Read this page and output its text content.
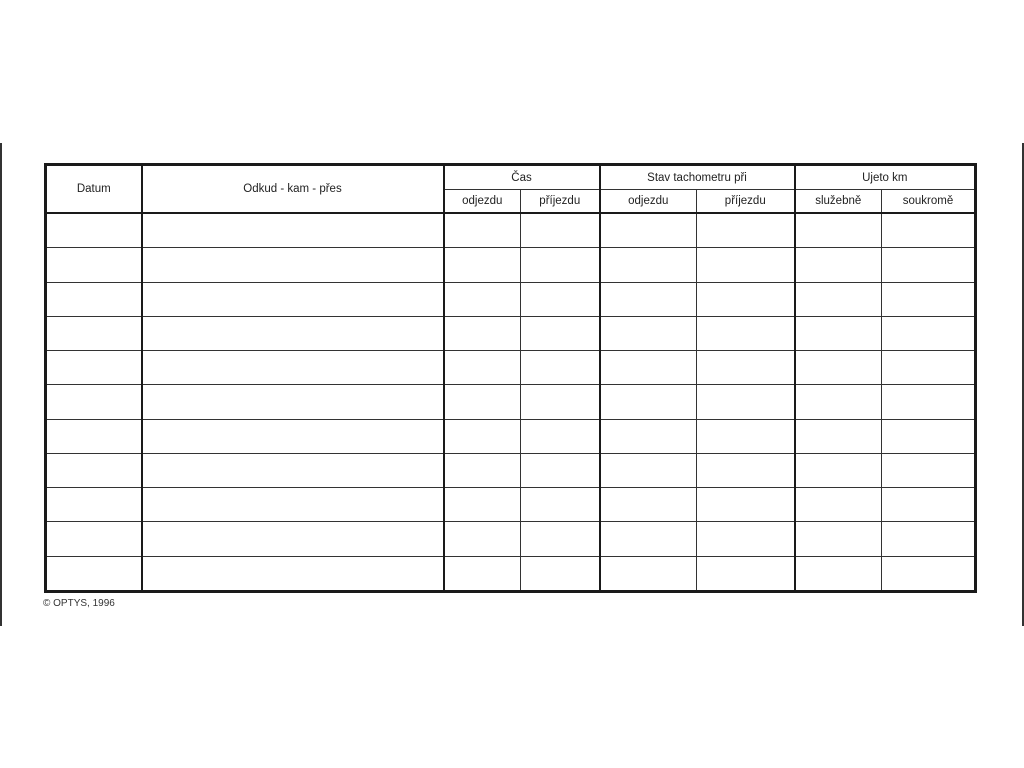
Datum	Odkud - kam - přes	Čas		Stav tachometru při		Ujeto km	
		odjezdu	příjezdu	odjezdu	příjezdu	služebně	soukromě

© OPTYS, 1996
